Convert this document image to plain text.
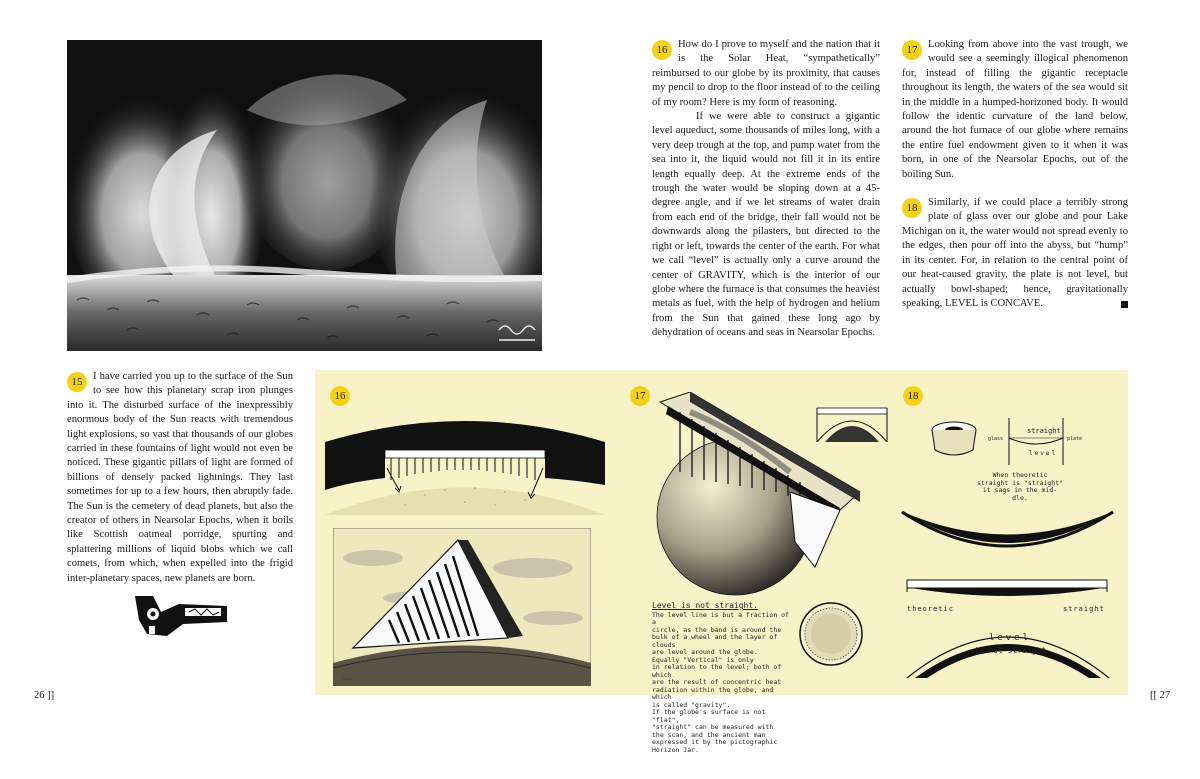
16 How do I prove to myself and the nation that it is the Solar Heat, “sympathetically” reimbursed to our globe by its proximity, that causes my pencil to drop to the floor instead of to the ceiling of my room? Here is my form of reasoning.
If we were able to construct a gigantic level aqueduct, some thousands of miles long, with a very deep trough at the top, and pump water from the sea into it, the liquid would not fill it in its entire length equally deep. At the extreme ends of the trough the water would be sloping down at a 45-degree angle, and if we let streams of water drain from each end of the bridge, their fall would not be downwards along the pilasters, but directed to the right or left, towards the center of the earth. For what we call “level” is actually only a curve around the center of GRAVITY, which is the interior of our globe where the furnace is that consumes the heaviest metals as fuel, with the help of hydrogen and helium from the Sun that gained these long ago by dehydration of oceans and seas in Nearsolar Epochs.
17 Looking from above into the vast trough, we would see a seemingly illogical phenomenon for, instead of filling the gigantic receptacle throughout its length, the waters of the sea would sit in the middle in a humped-horizoned body. It would follow the identic curvature of the land below, around the hot furnace of our globe where remains the entire fuel endowment given to it when it was born, in one of the Nearsolar Epochs, out of the boiling Sun.
18 Similarly, if we could place a terribly strong plate of glass over our globe and pour Lake Michigan on it, the water would not spread evenly to the edges, then pour off into the abyss, but “hump” in its center. For, in relation to the central point of our heat-caused gravity, the plate is not level, but actually bowl-shaped; hence, gravitationally speaking, LEVEL is CONCAVE.
15 I have carried you up to the surface of the Sun to see how this planetary scrap iron plunges into it. The disturbed surface of the inexpressibly enormous body of the Sun reacts with tremendous light explosions, so vast that thousands of our globes carried in these fountains of light would not even be noticed. These gigantic pillars of light are formed of billions of densely packed lightnings. They last sometimes for up to a few hours, then abruptly fade. The Sun is the cemetery of dead planets, but also the creator of others in Nearsolar Epochs, when it boils like Scottish oatmeal porridge, spurting and splattering millions of liquid blobs which we call comets, from which, when expelled into the frigid inter-planetary spaces, new planets are born.
16	17	18
~~~
Level is not straight.
The level line is but a fraction of a
circle, as the band is around the
bulk of a wheel and the layer of clouds
are level around the globe.
Equally "Vertical" is only
in relation to the level; both of which
are the result of concentric heat
radiation within the globe, and which
is called "gravity".
If the globe's surface is not "flat",
"straight" can be measured with
the scan, and the ancient man
expressed it by the pictographic
Horizon Jar.
straight
glass	plate
level
When theoretic
straight is "straight"
it sags in the mid-
dle.
theoretic	straight
level
is not straight
26 ]]	[[ 27
